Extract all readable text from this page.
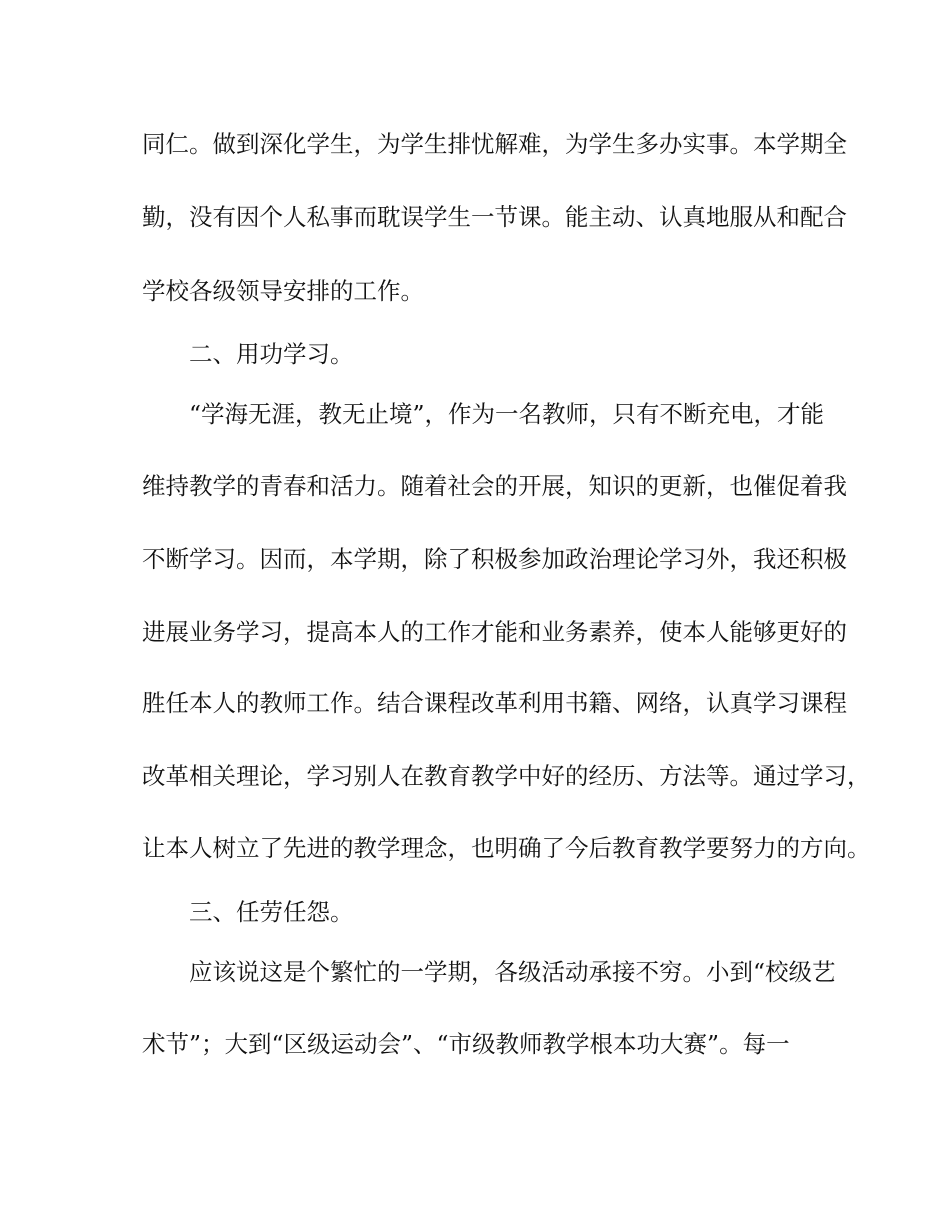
同仁。做到深化学生，为学生排忧解难，为学生多办实事。本学期全
勤，没有因个人私事而耽误学生一节课。能主动、认真地服从和配合
学校各级领导安排的工作。
二、用功学习。
“学海无涯，教无止境”，作为一名教师，只有不断充电，才能
维持教学的青春和活力。随着社会的开展，知识的更新，也催促着我
不断学习。因而，本学期，除了积极参加政治理论学习外，我还积极
进展业务学习，提高本人的工作才能和业务素养，使本人能够更好的
胜任本人的教师工作。结合课程改革利用书籍、网络，认真学习课程
改革相关理论，学习别人在教育教学中好的经历、方法等。通过学习，
让本人树立了先进的教学理念，也明确了今后教育教学要努力的方向。
三、任劳任怨。
应该说这是个繁忙的一学期，各级活动承接不穷。小到“校级艺
术节”；大到“区级运动会”、“市级教师教学根本功大赛”。每一
